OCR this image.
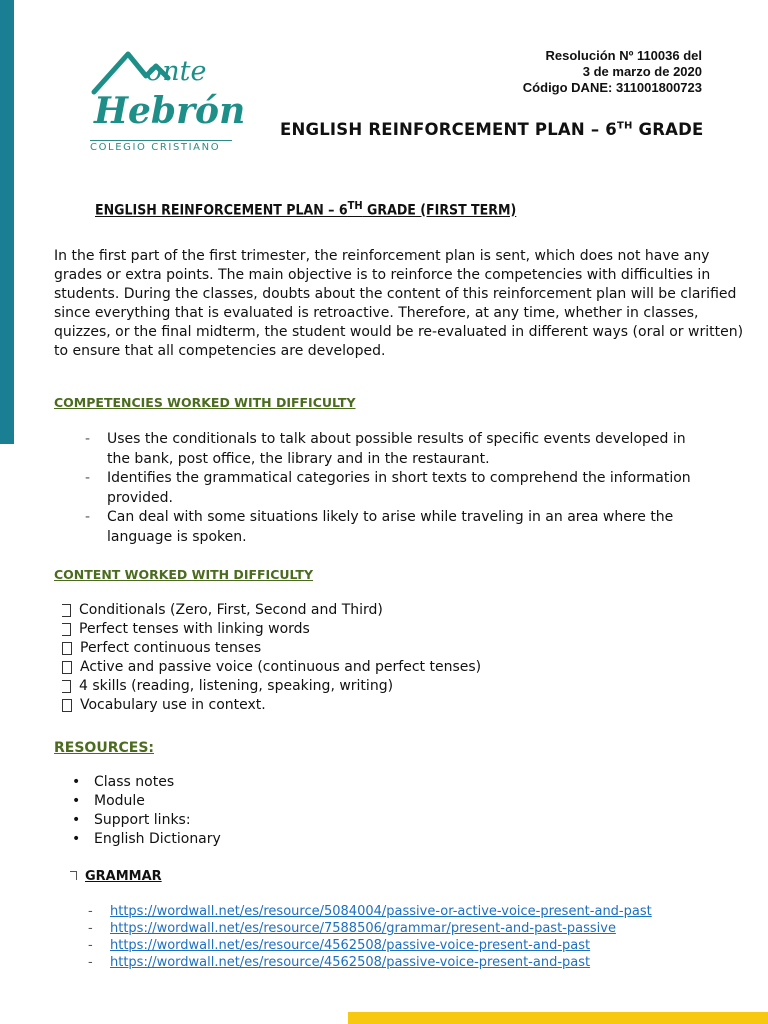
onte
Hebrón
COLEGIO CRISTIANO
Resolución Nº 110036 del
3 de marzo de 2020
Código DANE: 311001800723
ENGLISH REINFORCEMENT PLAN – 6TH GRADE
ENGLISH REINFORCEMENT PLAN – 6TH GRADE (FIRST TERM)
In the first part of the first trimester, the reinforcement plan is sent, which does not have any grades or extra points. The main objective is to reinforce the competencies with difficulties in students. During the classes, doubts about the content of this reinforcement plan will be clarified since everything that is evaluated is retroactive. Therefore, at any time, whether in classes, quizzes, or the final midterm, the student would be re-evaluated in different ways (oral or written) to ensure that all competencies are developed.
COMPETENCIES WORKED WITH DIFFICULTY
- Uses the conditionals to talk about possible results of specific events developed in the bank, post office, the library and in the restaurant.
- Identifies the grammatical categories in short texts to comprehend the information provided.
- Can deal with some situations likely to arise while traveling in an area where the language is spoken.
CONTENT WORKED WITH DIFFICULTY
Conditionals (Zero, First, Second and Third)
Perfect tenses with linking words
Perfect continuous tenses
Active and passive voice (continuous and perfect tenses)
4 skills (reading, listening, speaking, writing)
Vocabulary use in context.
RESOURCES:
• Class notes
• Module
• Support links:
• English Dictionary
GRAMMAR
- https://wordwall.net/es/resource/5084004/passive-or-active-voice-present-and-past
- https://wordwall.net/es/resource/7588506/grammar/present-and-past-passive
- https://wordwall.net/es/resource/4562508/passive-voice-present-and-past
- https://wordwall.net/es/resource/4562508/passive-voice-present-and-past
